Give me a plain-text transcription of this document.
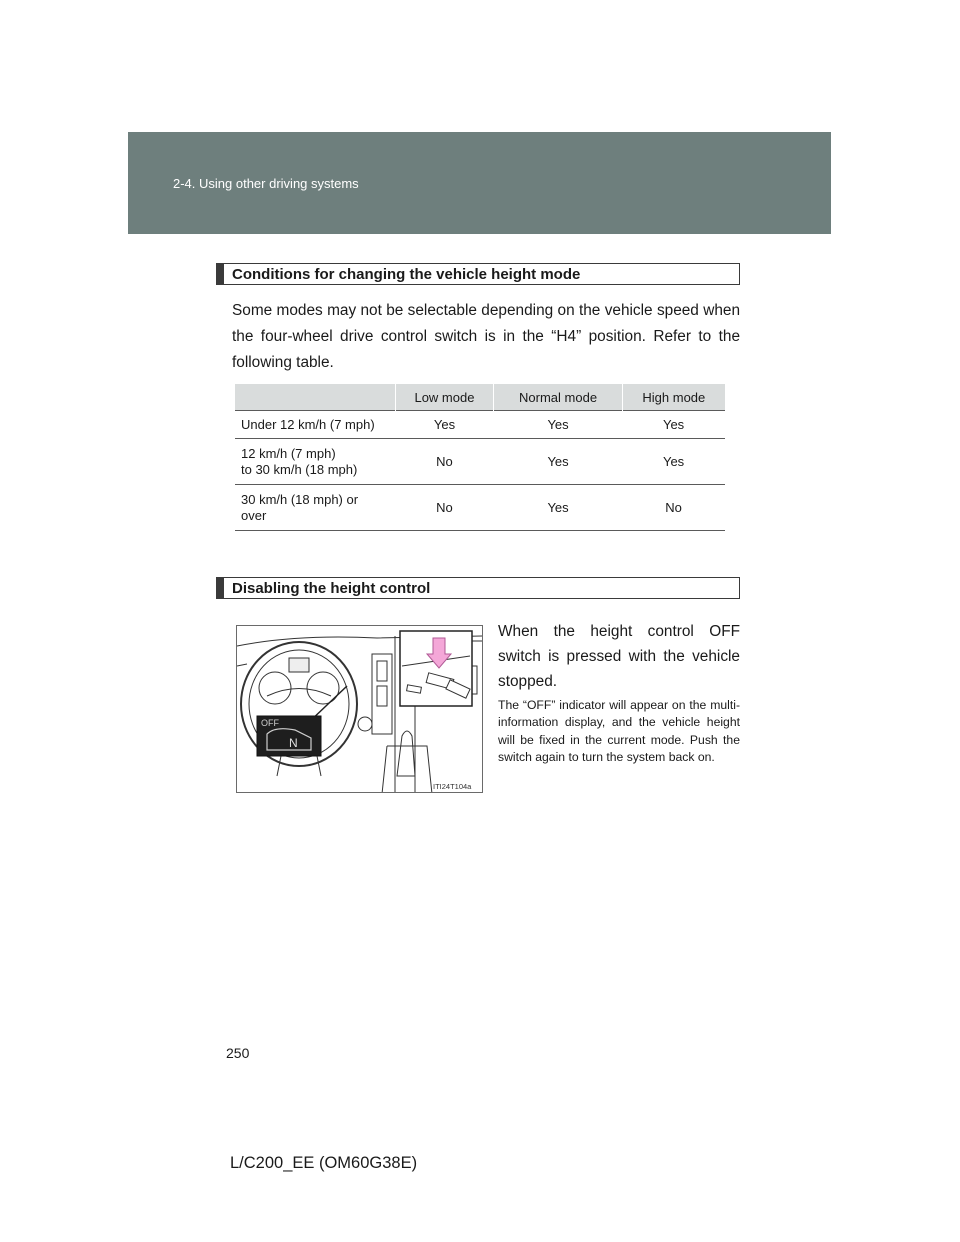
2-4. Using other driving systems
Conditions for changing the vehicle height mode
Some modes may not be selectable depending on the vehicle speed when the four-wheel drive control switch is in the “H4” position. Refer to the following table.
	Low mode	Normal mode	High mode
Under 12 km/h (7 mph)	Yes	Yes	Yes
12 km/h (7 mph)
to 30 km/h (18 mph)	No	Yes	Yes
30 km/h (18 mph) or
over	No	Yes	No
Disabling the height control
OFF
N
ITI24T104a
When the height control OFF switch is pressed with the vehicle stopped.
The “OFF” indicator will appear on the multi-information display, and the vehicle height will be fixed in the current mode. Push the switch again to turn the system back on.
250
L/C200_EE (OM60G38E)
